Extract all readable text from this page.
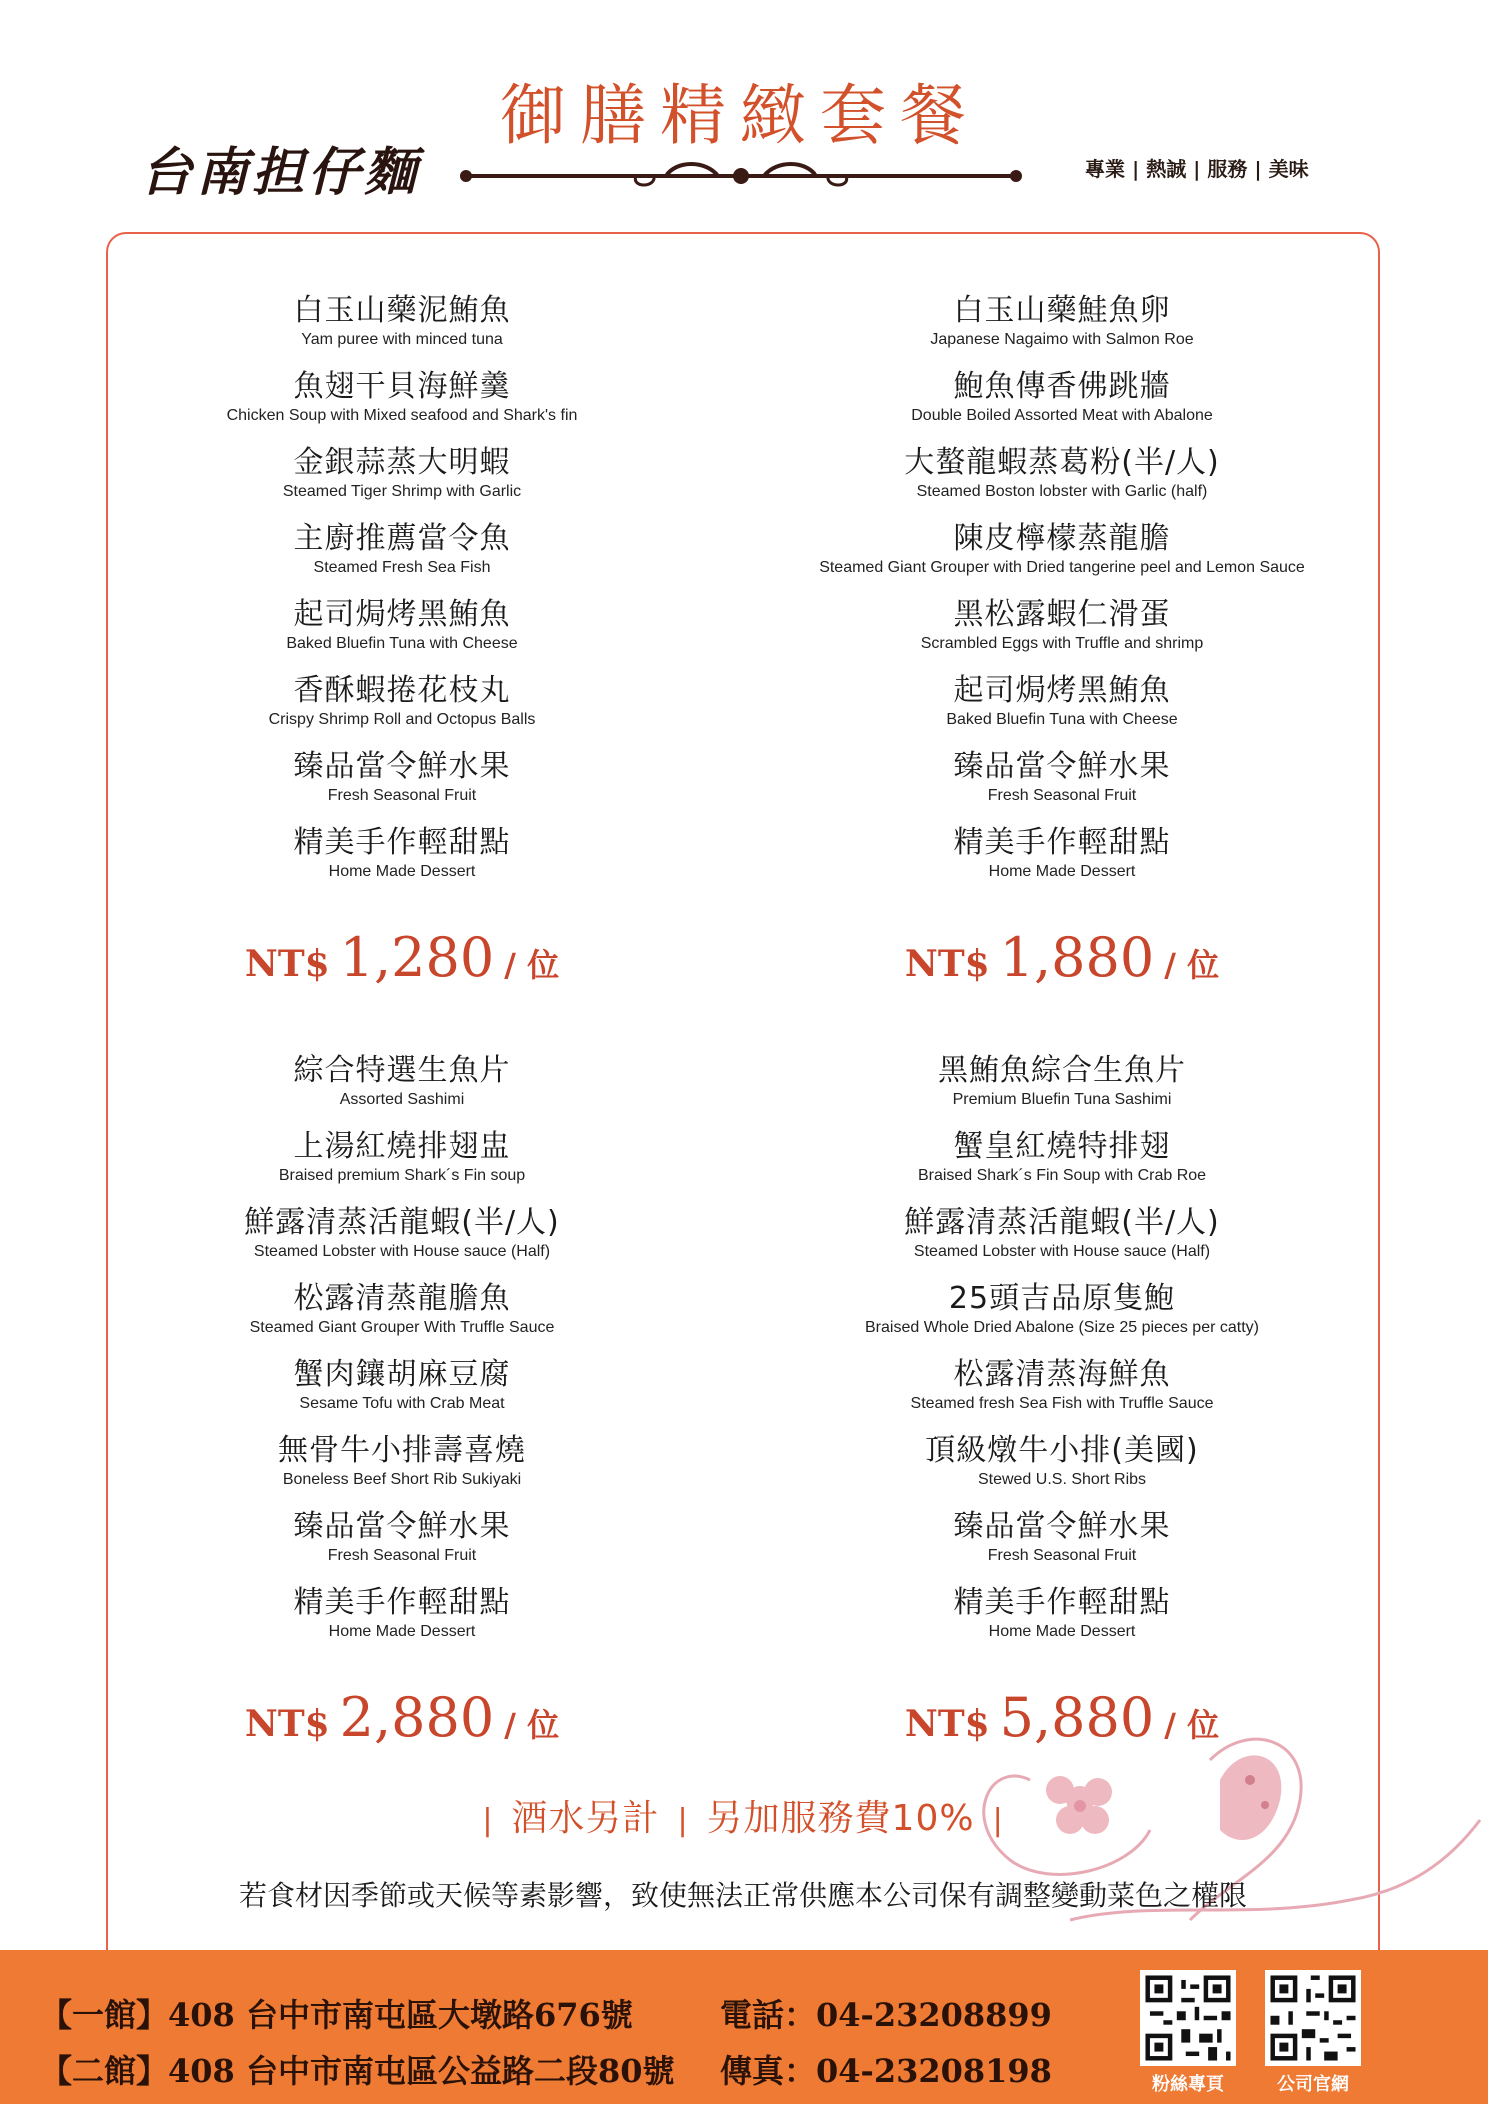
台南担仔麵
御膳精緻套餐
專業 | 熱誠 | 服務 | 美味
白玉山藥泥鮪魚
Yam puree with minced tuna
魚翅干貝海鮮羹
Chicken Soup with Mixed seafood and Shark's fin
金銀蒜蒸大明蝦
Steamed Tiger Shrimp with Garlic
主廚推薦當令魚
Steamed Fresh Sea Fish
起司焗烤黑鮪魚
Baked Bluefin Tuna with Cheese
香酥蝦捲花枝丸
Crispy Shrimp Roll and Octopus Balls
臻品當令鮮水果
Fresh Seasonal Fruit
精美手作輕甜點
Home Made Dessert
NT$ 1,280 / 位
白玉山藥鮭魚卵
Japanese Nagaimo with Salmon Roe
鮑魚傳香佛跳牆
Double Boiled Assorted Meat with Abalone
大螯龍蝦蒸葛粉(半/人)
Steamed Boston lobster with Garlic (half)
陳皮檸檬蒸龍膽
Steamed Giant Grouper with Dried tangerine peel and Lemon Sauce
黑松露蝦仁滑蛋
Scrambled Eggs with Truffle and shrimp
起司焗烤黑鮪魚
Baked Bluefin Tuna with Cheese
臻品當令鮮水果
Fresh Seasonal Fruit
精美手作輕甜點
Home Made Dessert
NT$ 1,880 / 位
綜合特選生魚片
Assorted Sashimi
上湯紅燒排翅盅
Braised premium Shark´s Fin soup
鮮露清蒸活龍蝦(半/人)
Steamed Lobster with House sauce (Half)
松露清蒸龍膽魚
Steamed Giant Grouper With Truffle Sauce
蟹肉鑲胡麻豆腐
Sesame Tofu with Crab Meat
無骨牛小排壽喜燒
Boneless Beef Short Rib Sukiyaki
臻品當令鮮水果
Fresh Seasonal Fruit
精美手作輕甜點
Home Made Dessert
NT$ 2,880 / 位
黑鮪魚綜合生魚片
Premium Bluefin Tuna Sashimi
蟹皇紅燒特排翅
Braised Shark´s Fin Soup with Crab Roe
鮮露清蒸活龍蝦(半/人)
Steamed Lobster with House sauce (Half)
25頭吉品原隻鮑
Braised Whole Dried Abalone (Size 25 pieces per catty)
松露清蒸海鮮魚
Steamed fresh Sea Fish with Truffle Sauce
頂級燉牛小排(美國)
Stewed U.S. Short Ribs
臻品當令鮮水果
Fresh Seasonal Fruit
精美手作輕甜點
Home Made Dessert
NT$ 5,880 / 位
| 酒水另計 | 另加服務費10% |
若食材因季節或天候等素影響，致使無法正常供應本公司保有調整變動菜色之權限
【一館】408 台中市南屯區大墩路676號	電話：04-23208899
【二館】408 台中市南屯區公益路二段80號 傳真：04-23208198	粉絲專頁	公司官網
